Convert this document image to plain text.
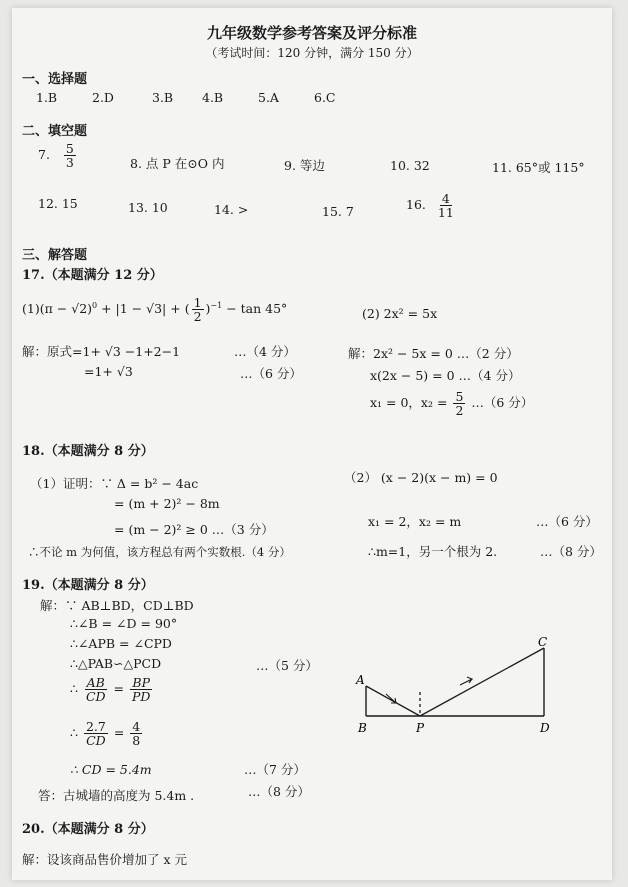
九年级数学参考答案及评分标准
（考试时间：120 分钟，满分 150 分）
一、选择题
1.B	2.D	3.B 4.B	5.A	6.C
二、填空题
7. $\frac{5}{3}$	8. 点 P 在⊙O 内	9. 等边	10. 32	11. 65°或 115°
12. 15	13. 10	14. >	15. 7	16. $\frac{4}{11}$
三、解答题
17.（本题满分 12 分）
$(1)(\pi - √2)^0 + |1 - √3|$ + ( $\frac{1}{2} )^{-1} - \tan 45^\circ$	(2) 2x² = 5x
解：原式=1+ √3 −1+2−1	…（4 分）
=1+ √3	…（6 分）
解：2x² − 5x = 0 …（2 分）
x(2x − 5) = 0 …（4 分）
x₁ = 0，$x_2 = \frac{5}{2}$ …（6 分）
18.（本题满分 8 分）
（1）证明：∵ Δ = b² − 4ac
= (m + 2)² − 8m
= (m − 2)² ≥ 0 …（3 分）
∴不论 m 为何值，该方程总有两个实数根.（4 分）
（2） (x − 2)(x − m) = 0
x₁ = 2，x₂ = m	…（6 分）
∴m=1，另一个根为 2.	…（8 分）
19.（本题满分 8 分）
解：∵ AB⊥BD，CD⊥BD
∴∠B = ∠D = 90°
∴∠APB = ∠CPD
∴△PAB∽△PCD	…（5 分）
∴ $\frac{AB}{CD} = \frac{BP}{PD}$
∴ $\frac{2.7}{CD} = \frac{4}{8}$
∴ CD = 5.4m	…（7 分）
答：古城墙的高度为 5.4m .	…（8 分）
A
B	P
C
D
20.（本题满分 8 分）
解：设该商品售价增加了 x 元
